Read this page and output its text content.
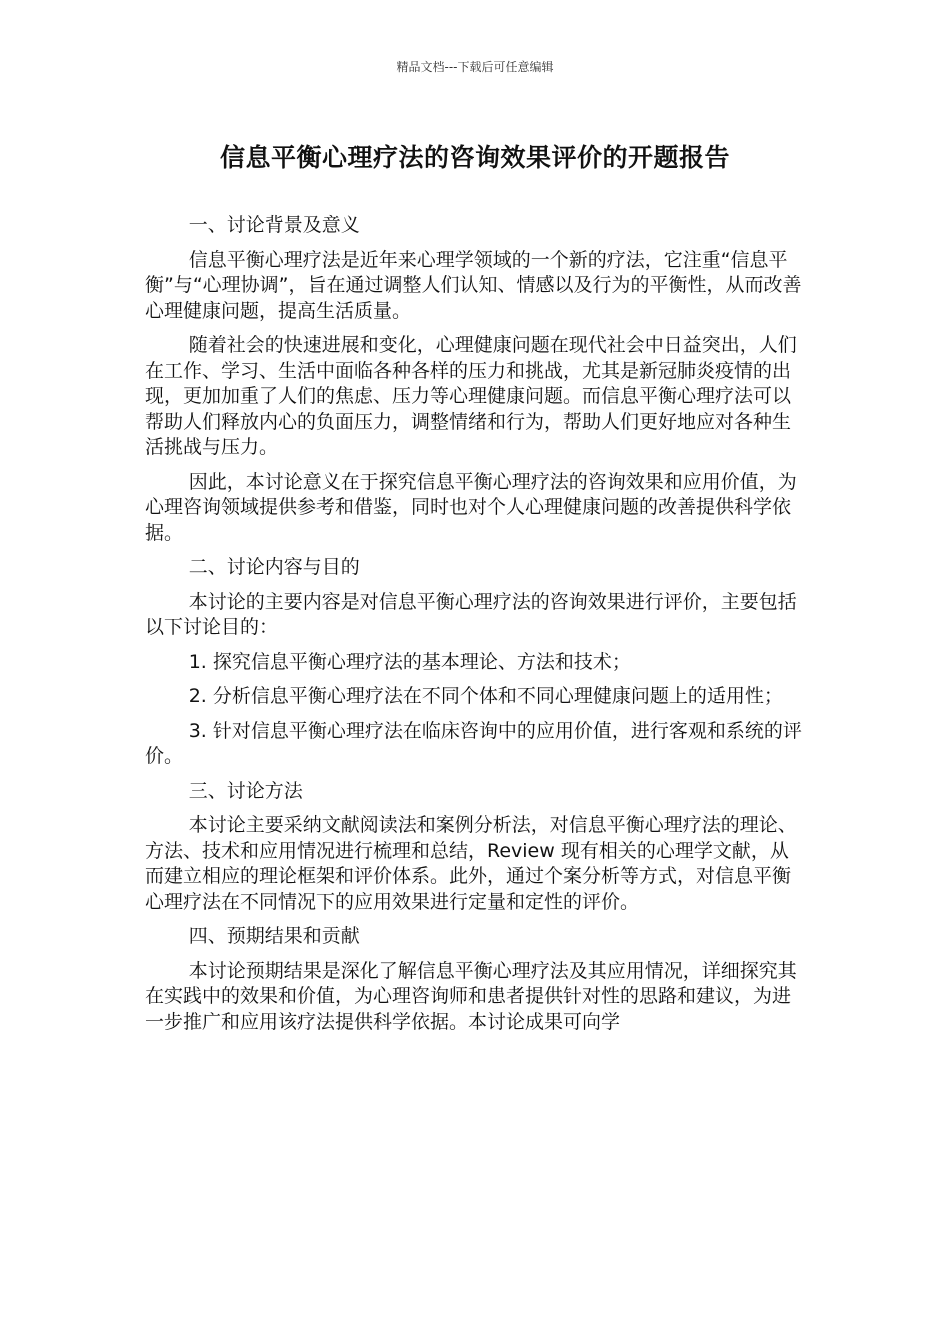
精品文档---下载后可任意编辑
信息平衡心理疗法的咨询效果评价的开题报告

一、讨论背景及意义

信息平衡心理疗法是近年来心理学领域的一个新的疗法，它注重“信息平衡”与“心理协调”，旨在通过调整人们认知、情感以及行为的平衡性，从而改善心理健康问题，提高生活质量。

随着社会的快速进展和变化，心理健康问题在现代社会中日益突出，人们在工作、学习、生活中面临各种各样的压力和挑战，尤其是新冠肺炎疫情的出现，更加加重了人们的焦虑、压力等心理健康问题。而信息平衡心理疗法可以帮助人们释放内心的负面压力，调整情绪和行为，帮助人们更好地应对各种生活挑战与压力。

因此，本讨论意义在于探究信息平衡心理疗法的咨询效果和应用价值，为心理咨询领域提供参考和借鉴，同时也对个人心理健康问题的改善提供科学依据。

二、讨论内容与目的

本讨论的主要内容是对信息平衡心理疗法的咨询效果进行评价，主要包括以下讨论目的：

1. 探究信息平衡心理疗法的基本理论、方法和技术；

2. 分析信息平衡心理疗法在不同个体和不同心理健康问题上的适用性；

3. 针对信息平衡心理疗法在临床咨询中的应用价值，进行客观和系统的评价。

三、讨论方法

本讨论主要采纳文献阅读法和案例分析法，对信息平衡心理疗法的理论、方法、技术和应用情况进行梳理和总结，Review 现有相关的心理学文献，从而建立相应的理论框架和评价体系。此外，通过个案分析等方式，对信息平衡心理疗法在不同情况下的应用效果进行定量和定性的评价。

四、预期结果和贡献

本讨论预期结果是深化了解信息平衡心理疗法及其应用情况，详细探究其在实践中的效果和价值，为心理咨询师和患者提供针对性的思路和建议，为进一步推广和应用该疗法提供科学依据。本讨论成果可向学
